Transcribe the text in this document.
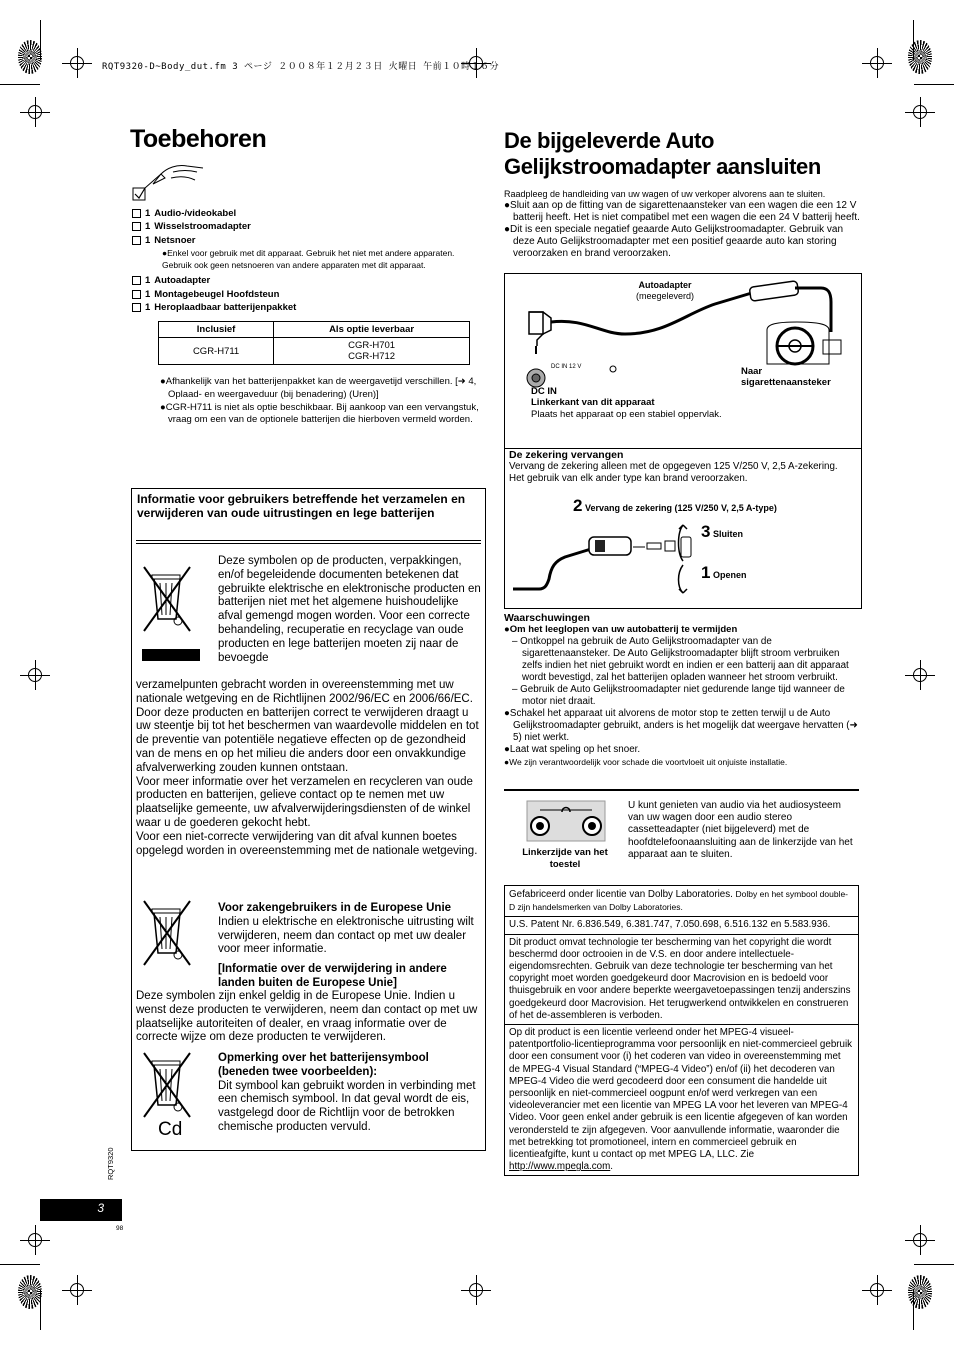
RQT9320-D~Body_dut.fm 3 ページ ２００８年１２月２３日 火曜日 午前１０時１６分
Toebehoren
1 Audio-/videokabel
1 Wisselstroomadapter
1 Netsnoer

●Enkel voor gebruik met dit apparaat. Gebruik het niet met andere apparaten. Gebruik ook geen netsnoeren van andere apparaten met dit apparaat.

1 Autoadapter
1 Montagebeugel Hoofdsteun
1 Heroplaadbaar batterijenpakket
Inclusief	Als optie leverbaar
CGR-H711	CGR-H701
CGR-H712

●Afhankelijk van het batterijenpakket kan de weergavetijd verschillen. [➜ 4, Oplaad- en weergaveduur (bij benadering) (Uren)]

●CGR-H711 is niet als optie beschikbaar. Bij aankoop van een vervangstuk, vraag om een van de optionele batterijen die hierboven vermeld worden.

Informatie voor gebruikers betreffende het verzamelen en verwijderen van oude uitrustingen en lege batterijen
Deze symbolen op de producten, verpakkingen, en/of begeleidende documenten betekenen dat gebruikte elektrische en elektronische producten en batterijen niet met het algemene huishoudelijke afval gemengd mogen worden. Voor een correcte behandeling, recuperatie en recyclage van oude producten en lege batterijen moeten zij naar de bevoegde

verzamelpunten gebracht worden in overeenstemming met uw nationale wetgeving en de Richtlijnen 2002/96/EC en 2006/66/EC.

Door deze producten en batterijen correct te verwijderen draagt u uw steentje bij tot het beschermen van waardevolle middelen en tot de preventie van potentiële negatieve effecten op de gezondheid van de mens en op het milieu die anders door een onvakkundige afvalverwerking zouden kunnen ontstaan.

Voor meer informatie over het verzamelen en recycleren van oude producten en batterijen, gelieve contact op te nemen met uw plaatselijke gemeente, uw afvalverwijderingsdiensten of de winkel waar u de goederen gekocht hebt.

Voor een niet-correcte verwijdering van dit afval kunnen boetes opgelegd worden in overeenstemming met de nationale wetgeving.

Voor zakengebruikers in de Europese Unie

Indien u elektrische en elektronische uitrusting wilt verwijderen, neem dan contact op met uw dealer voor meer informatie.

[Informatie over de verwijdering in andere landen buiten de Europese Unie]

Deze symbolen zijn enkel geldig in de Europese Unie. Indien u wenst deze producten te verwijderen, neem dan contact op met uw plaatselijke autoriteiten of dealer, en vraag informatie over de correcte wijze om deze producten te verwijderen.
Cd

Opmerking over het batterijensymbool (beneden twee voorbeelden):

Dit symbool kan gebruikt worden in verbinding met een chemisch symbool. In dat geval wordt de eis, vastgelegd door de Richtlijn voor de betrokken chemische producten vervuld.

RQT9320
3
98
De bijgeleverde Auto
Gelijkstroomadapter aansluiten

Raadpleeg de handleiding van uw wagen of uw verkoper alvorens aan te sluiten.

●Sluit aan op de fitting van de sigarettenaansteker van een wagen die een 12 V batterij heeft. Het is niet compatibel met een wagen die een 24 V batterij heeft.

●Dit is een speciale negatief geaarde Auto Gelijkstroomadapter. Gebruik van deze Auto Gelijkstroomadapter met een positief geaarde auto kan storing veroorzaken en brand veroorzaken.

Autoadapter
(meegeleverd)
DC IN 12 V	Naar
sigarettenaansteker
DC IN
Linkerkant van dit apparaat
Plaats het apparaat op een stabiel oppervlak.
De zekering vervangen
Vervang de zekering alleen met de opgegeven 125 V/250 V, 2,5 A-zekering. Het gebruik van elk ander type kan brand veroorzaken.
2 Vervang de zekering (125 V/250 V, 2,5 A-type)
3 Sluiten
1 Openen

Waarschuwingen

●Om het leeglopen van uw autobatterij te vermijden

– Ontkoppel na gebruik de Auto Gelijkstroomadapter van de sigarettenaansteker. De Auto Gelijkstroomadapter blijft stroom verbruiken zelfs indien het niet gebruikt wordt en indien er een batterij aan dit apparaat wordt bevestigd, zal het batterijen opladen wanneer het stroom verbruikt.

– Gebruik de Auto Gelijkstroomadapter niet gedurende lange tijd wanneer de motor niet draait.

●Schakel het apparaat uit alvorens de motor stop te zetten terwijl u de Auto Gelijkstroomadapter gebruikt, anders is het mogelijk dat weergave hervatten (➜ 5) niet werkt.

●Laat wat speling op het snoer.

●We zijn verantwoordelijk voor schade die voortvloeit uit onjuiste installatie.

Linkerzijde van het toestel
U kunt genieten van audio via het audiosysteem van uw wagen door een audio stereo cassetteadapter (niet bijgeleverd) met de hoofdtelefoonaansluiting aan de linkerzijde van het apparaat aan te sluiten.
Gefabriceerd onder licentie van Dolby Laboratories. Dolby en het symbool double-D zijn handelsmerken van Dolby Laboratories.
U.S. Patent Nr. 6.836.549, 6.381.747, 7.050.698, 6.516.132 en 5.583.936.
Dit product omvat technologie ter bescherming van het copyright die wordt beschermd door octrooien in de V.S. en door andere intellectuele-eigendomsrechten. Gebruik van deze technologie ter bescherming van het copyright moet worden goedgekeurd door Macrovision en is bedoeld voor thuisgebruik en voor andere beperkte weergavetoepassingen tenzij anderszins goedgekeurd door Macrovision. Het terugwerkend ontwikkelen en construeren of het de-assembleren is verboden.
Op dit product is een licentie verleend onder het MPEG-4 visueel-patentportfolio-licentieprogramma voor persoonlijk en niet-commercieel gebruik door een consument voor (i) het coderen van video in overeenstemming met de MPEG-4 Visual Standard (“MPEG-4 Video”) en/of (ii) het decoderen van MPEG-4 Video die werd gecodeerd door een consument die handelde uit persoonlijk en niet-commercieel oogpunt en/of werd verkregen van een videoleverancier met een licentie van MPEG LA voor het leveren van MPEG-4 Video. Voor geen enkel ander gebruik is een licentie afgegeven of kan worden verondersteld te zijn afgegeven. Voor aanvullende informatie, waaronder die met betrekking tot promotioneel, intern en commercieel gebruik en licentieafgifte, kunt u contact op met MPEG LA, LLC. Zie http://www.mpegla.com.
